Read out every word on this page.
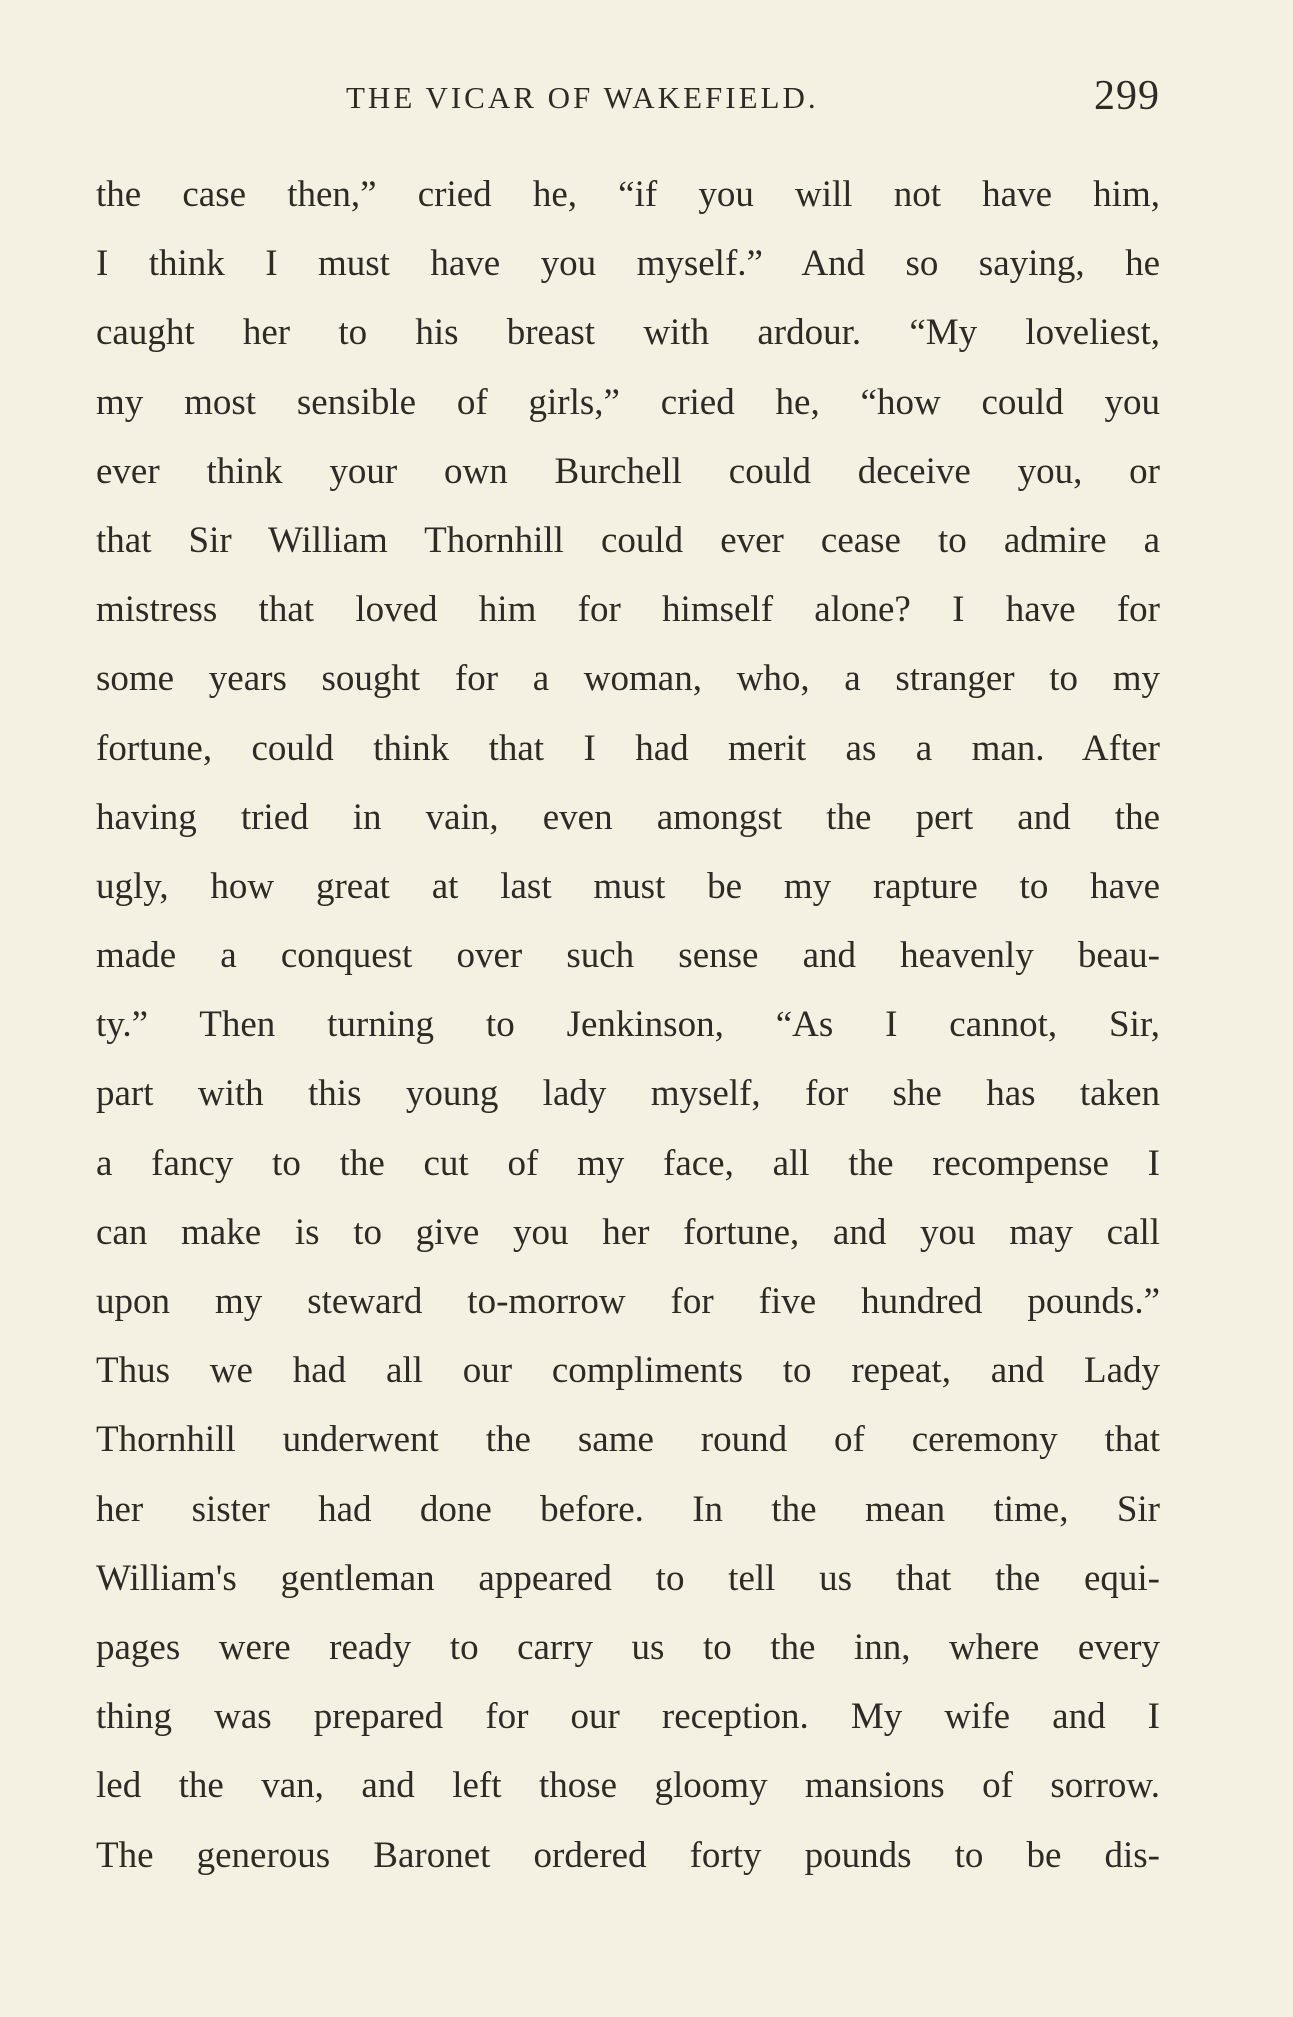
THE VICAR OF WAKEFIELD.	299
the case then,” cried he, “if you will not have him,
I think I must have you myself.” And so saying, he
caught her to his breast with ardour. “My loveliest,
my most sensible of girls,” cried he, “how could you
ever think your own Burchell could deceive you, or
that Sir William Thornhill could ever cease to admire a
mistress that loved him for himself alone? I have for
some years sought for a woman, who, a stranger to my
fortune, could think that I had merit as a man. After
having tried in vain, even amongst the pert and the
ugly, how great at last must be my rapture to have
made a conquest over such sense and heavenly beau-
ty.” Then turning to Jenkinson, “As I cannot, Sir,
part with this young lady myself, for she has taken
a fancy to the cut of my face, all the recompense I
can make is to give you her fortune, and you may call
upon my steward to-morrow for five hundred pounds.”
Thus we had all our compliments to repeat, and Lady
Thornhill underwent the same round of ceremony that
her sister had done before. In the mean time, Sir
William's gentleman appeared to tell us that the equi-
pages were ready to carry us to the inn, where every
thing was prepared for our reception. My wife and I
led the van, and left those gloomy mansions of sorrow.
The generous Baronet ordered forty pounds to be dis-
